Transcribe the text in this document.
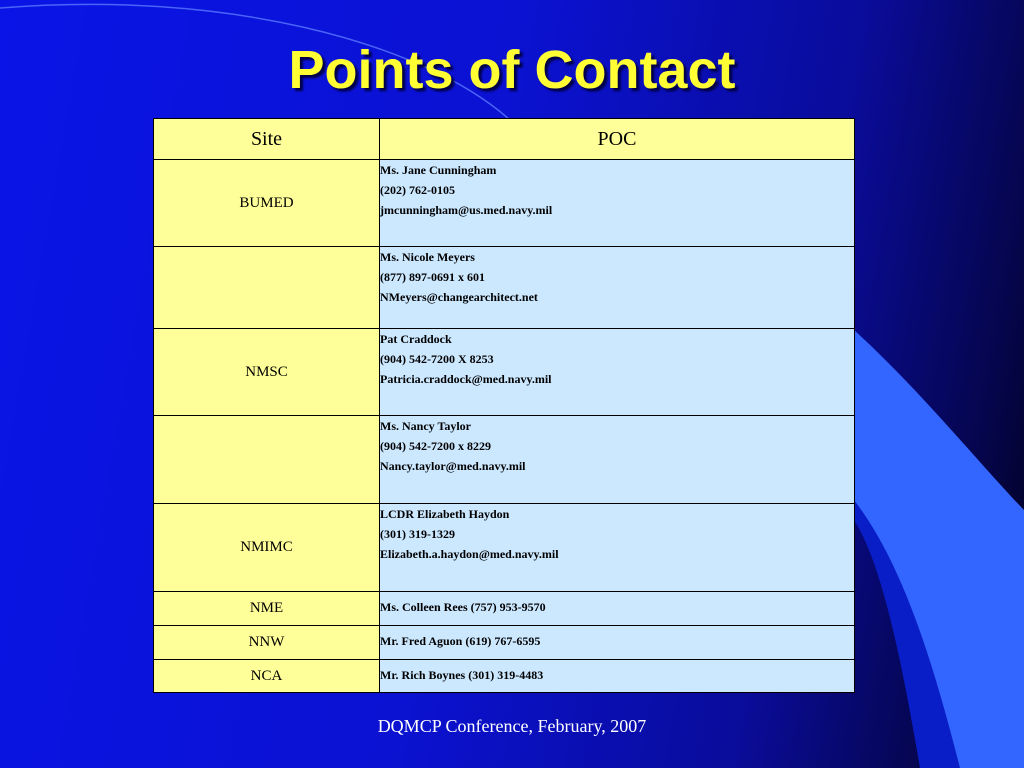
Points of Contact
Site	POC
BUMED	Ms. Jane Cunningham
(202) 762-0105
jmcunningham@us.med.navy.mil

	Ms. Nicole Meyers
(877) 897-0691 x 601
NMeyers@changearchitect.net

NMSC	Pat Craddock
(904) 542-7200 X 8253
Patricia.craddock@med.navy.mil

	Ms. Nancy Taylor
(904) 542-7200 x 8229
Nancy.taylor@med.navy.mil

NMIMC	LCDR Elizabeth Haydon
(301) 319-1329
Elizabeth.a.haydon@med.navy.mil

NME	Ms. Colleen Rees (757) 953-9570

NNW	Mr. Fred Aguon (619) 767-6595

NCA	Mr. Rich Boynes (301) 319-4483
DQMCP Conference, February, 2007
